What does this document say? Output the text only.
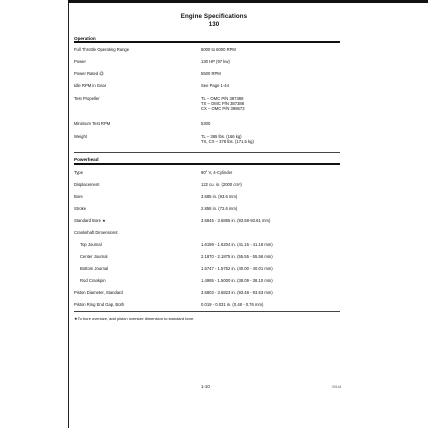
Engine Specifications
130
Operation
Full Throttle Operating Range	5000 to 6000 RPM
Power	130 HP (97 kw)
Power Rated @	5500 RPM
Idle RPM in Gear	See Page 1-44
Test Propeller	TL – OMC P/N 387388
TX – OMC P/N 387388
CX – OMC P/N 398673
Minimum Test RPM	5300
Weight	TL – 365 lbs. (166 kg)
TX, CX – 378 lbs. (171.5 kg)
Powerhead
Type	90° V, 4-Cylinder
Displacement	122 cu. in. (2000 cm³)
Bore	3.685 in. (93.6 mm)
Stroke	2.858 in. (72.6 mm)
Standard Bore ★	3.6845 - 3.6855 in. (93.58-93.61 mm)
Crankshaft Dimensions:
Top Journal	1.6199 - 1.6204 in. (41.15 - 41.16 mm)
Center Journal	2.1870 - 2.1875 in. (55.55 - 55.56 mm)
Bottom Journal	1.5747 - 1.5752 in. (40.00 - 40.01 mm)
Rod Crankpin	1.4995 - 1.5000 in. (38.09 - 38.10 mm)
Piston Diameter, Standard	3.6803 - 3.6823 in. (93.48 - 93.53 mm)
Piston Ring End Gap, Both	0.019 - 0.031 in. (0.48 - 0.76 mm)
★To bore oversize, add piston oversize dimension to standard bore.
1-10	00144
